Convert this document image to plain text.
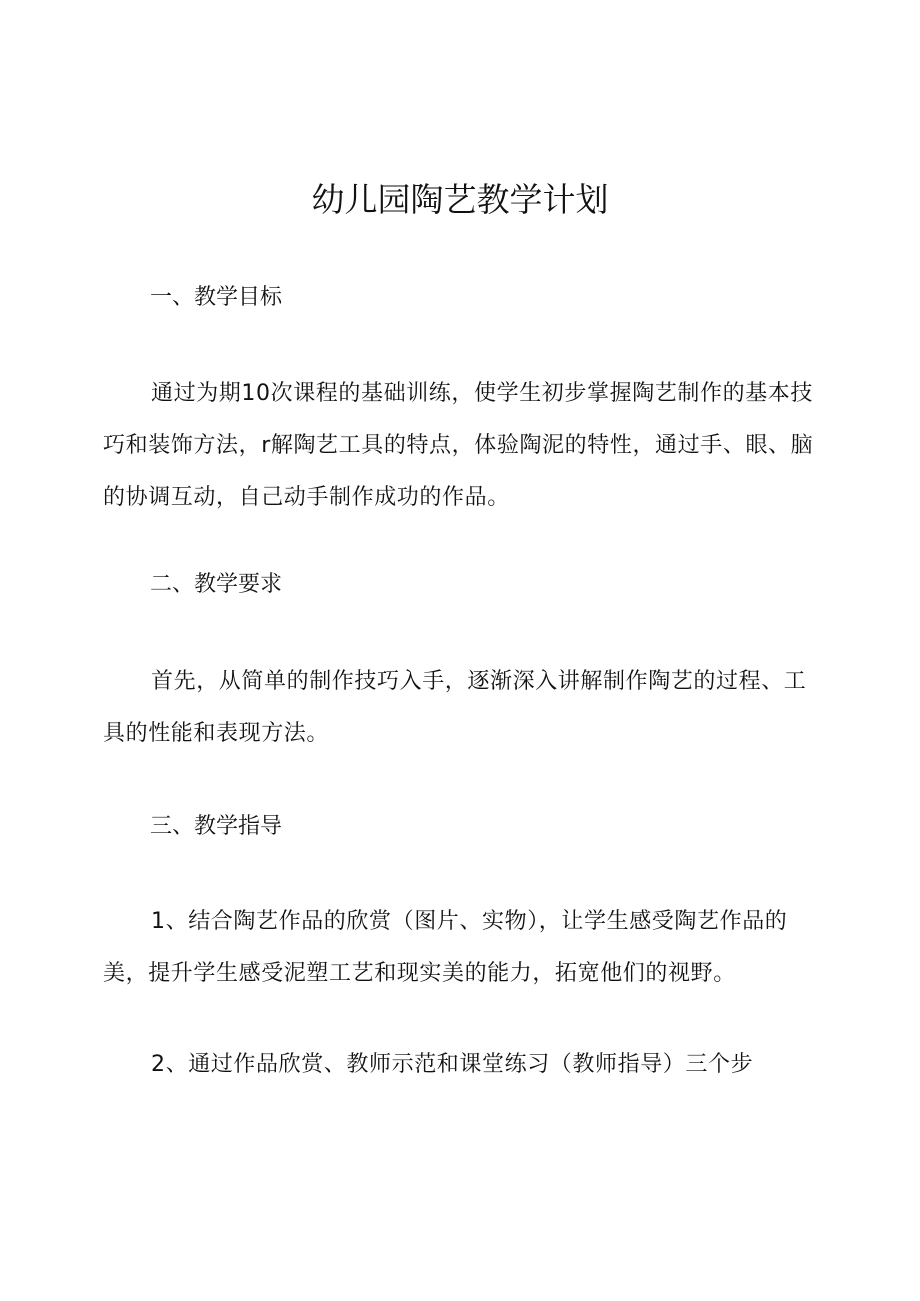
幼儿园陶艺教学计划
一、教学目标
通过为期10次课程的基础训练，使学生初步掌握陶艺制作的基本技巧和装饰方法，r解陶艺工具的特点，体验陶泥的特性，通过手、眼、脑的协调互动，自己动手制作成功的作品。
二、教学要求
首先，从简单的制作技巧入手，逐渐深入讲解制作陶艺的过程、工具的性能和表现方法。
三、教学指导
1、结合陶艺作品的欣赏（图片、实物），让学生感受陶艺作品的美，提升学生感受泥塑工艺和现实美的能力，拓宽他们的视野。
2、通过作品欣赏、教师示范和课堂练习（教师指导）三个步
